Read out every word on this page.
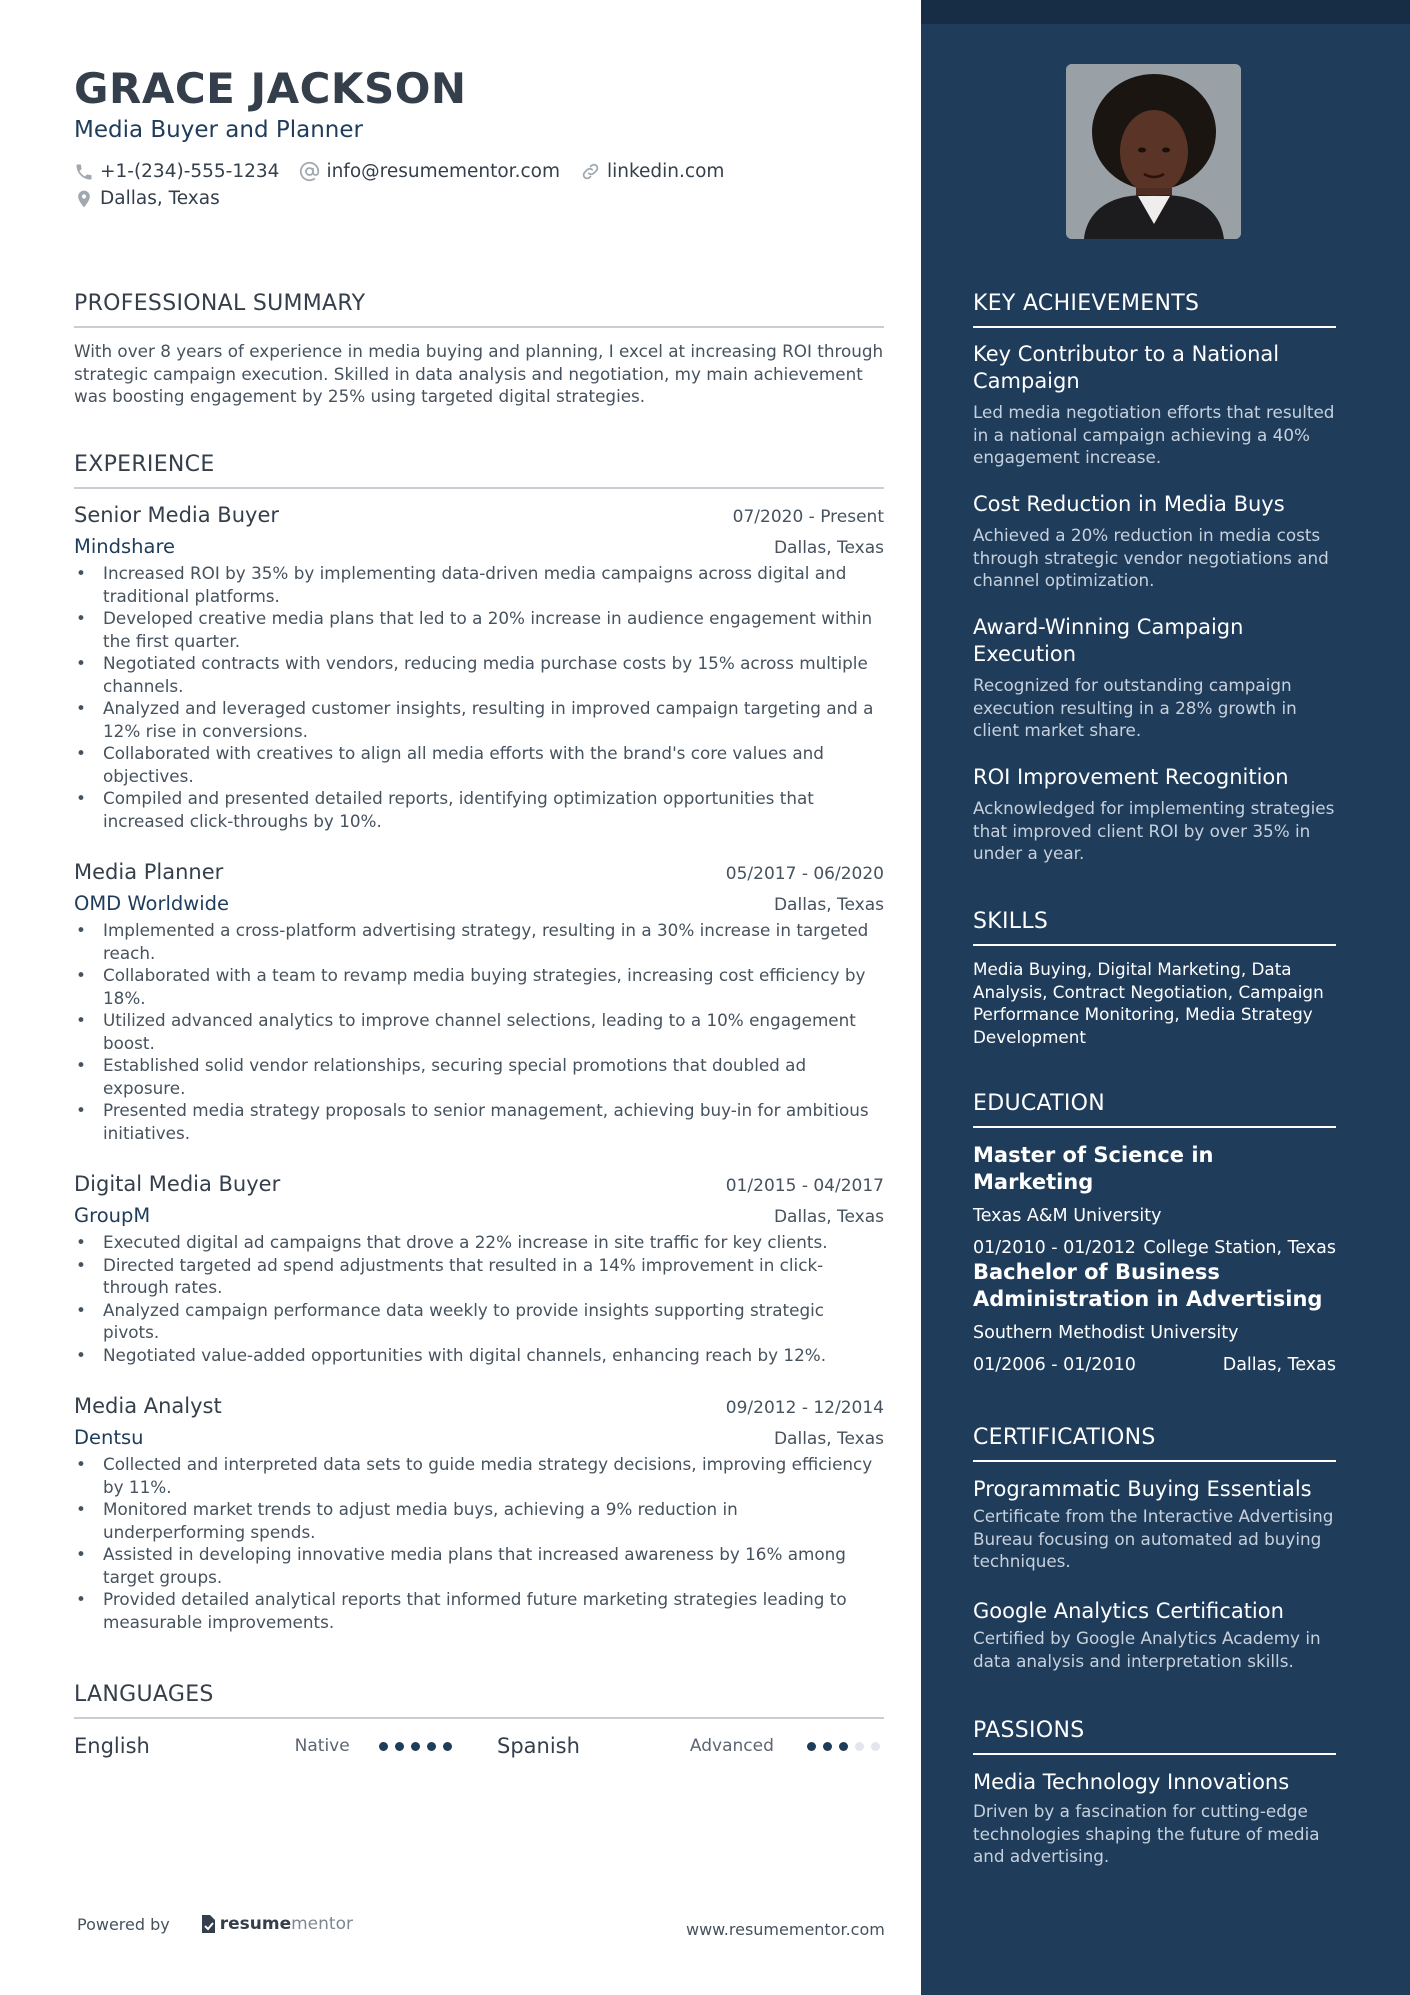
GRACE JACKSON
Media Buyer and Planner
+1-(234)-555-1234	info@resumementor.com	linkedin.com
Dallas, Texas
PROFESSIONAL SUMMARY
With over 8 years of experience in media buying and planning, I excel at increasing ROI through strategic campaign execution. Skilled in data analysis and negotiation, my main achievement was boosting engagement by 25% using targeted digital strategies.
EXPERIENCE
Senior Media Buyer	07/2020 - Present
Mindshare	Dallas, Texas
• Increased ROI by 35% by implementing data-driven media campaigns across digital and traditional platforms.
• Developed creative media plans that led to a 20% increase in audience engagement within the first quarter.
• Negotiated contracts with vendors, reducing media purchase costs by 15% across multiple channels.
• Analyzed and leveraged customer insights, resulting in improved campaign targeting and a 12% rise in conversions.
• Collaborated with creatives to align all media efforts with the brand's core values and objectives.
• Compiled and presented detailed reports, identifying optimization opportunities that increased click-throughs by 10%.
Media Planner	05/2017 - 06/2020
OMD Worldwide	Dallas, Texas
• Implemented a cross-platform advertising strategy, resulting in a 30% increase in targeted reach.
• Collaborated with a team to revamp media buying strategies, increasing cost efficiency by 18%.
• Utilized advanced analytics to improve channel selections, leading to a 10% engagement boost.
• Established solid vendor relationships, securing special promotions that doubled ad exposure.
• Presented media strategy proposals to senior management, achieving buy-in for ambitious initiatives.
Digital Media Buyer	01/2015 - 04/2017
GroupM	Dallas, Texas
• Executed digital ad campaigns that drove a 22% increase in site traffic for key clients.
• Directed targeted ad spend adjustments that resulted in a 14% improvement in click-through rates.
• Analyzed campaign performance data weekly to provide insights supporting strategic pivots.
• Negotiated value-added opportunities with digital channels, enhancing reach by 12%.
Media Analyst	09/2012 - 12/2014
Dentsu	Dallas, Texas
• Collected and interpreted data sets to guide media strategy decisions, improving efficiency by 11%.
• Monitored market trends to adjust media buys, achieving a 9% reduction in underperforming spends.
• Assisted in developing innovative media plans that increased awareness by 16% among target groups.
• Provided detailed analytical reports that informed future marketing strategies leading to measurable improvements.
LANGUAGES
English	Native	Spanish	Advanced
Powered by	resume mentor	www.resumementor.com
KEY ACHIEVEMENTS
Key Contributor to a National Campaign
Led media negotiation efforts that resulted in a national campaign achieving a 40% engagement increase.
Cost Reduction in Media Buys
Achieved a 20% reduction in media costs through strategic vendor negotiations and channel optimization.
Award-Winning Campaign Execution
Recognized for outstanding campaign execution resulting in a 28% growth in client market share.
ROI Improvement Recognition
Acknowledged for implementing strategies that improved client ROI by over 35% in under a year.
SKILLS
Media Buying, Digital Marketing, Data Analysis, Contract Negotiation, Campaign Performance Monitoring, Media Strategy Development
EDUCATION
Master of Science in Marketing
Texas A&M University
01/2010 - 01/2012 College Station, Texas
Bachelor of Business Administration in Advertising
Southern Methodist University
01/2006 - 01/2010	Dallas, Texas
CERTIFICATIONS
Programmatic Buying Essentials
Certificate from the Interactive Advertising Bureau focusing on automated ad buying techniques.
Google Analytics Certification
Certified by Google Analytics Academy in data analysis and interpretation skills.
PASSIONS
Media Technology Innovations
Driven by a fascination for cutting-edge technologies shaping the future of media and advertising.
